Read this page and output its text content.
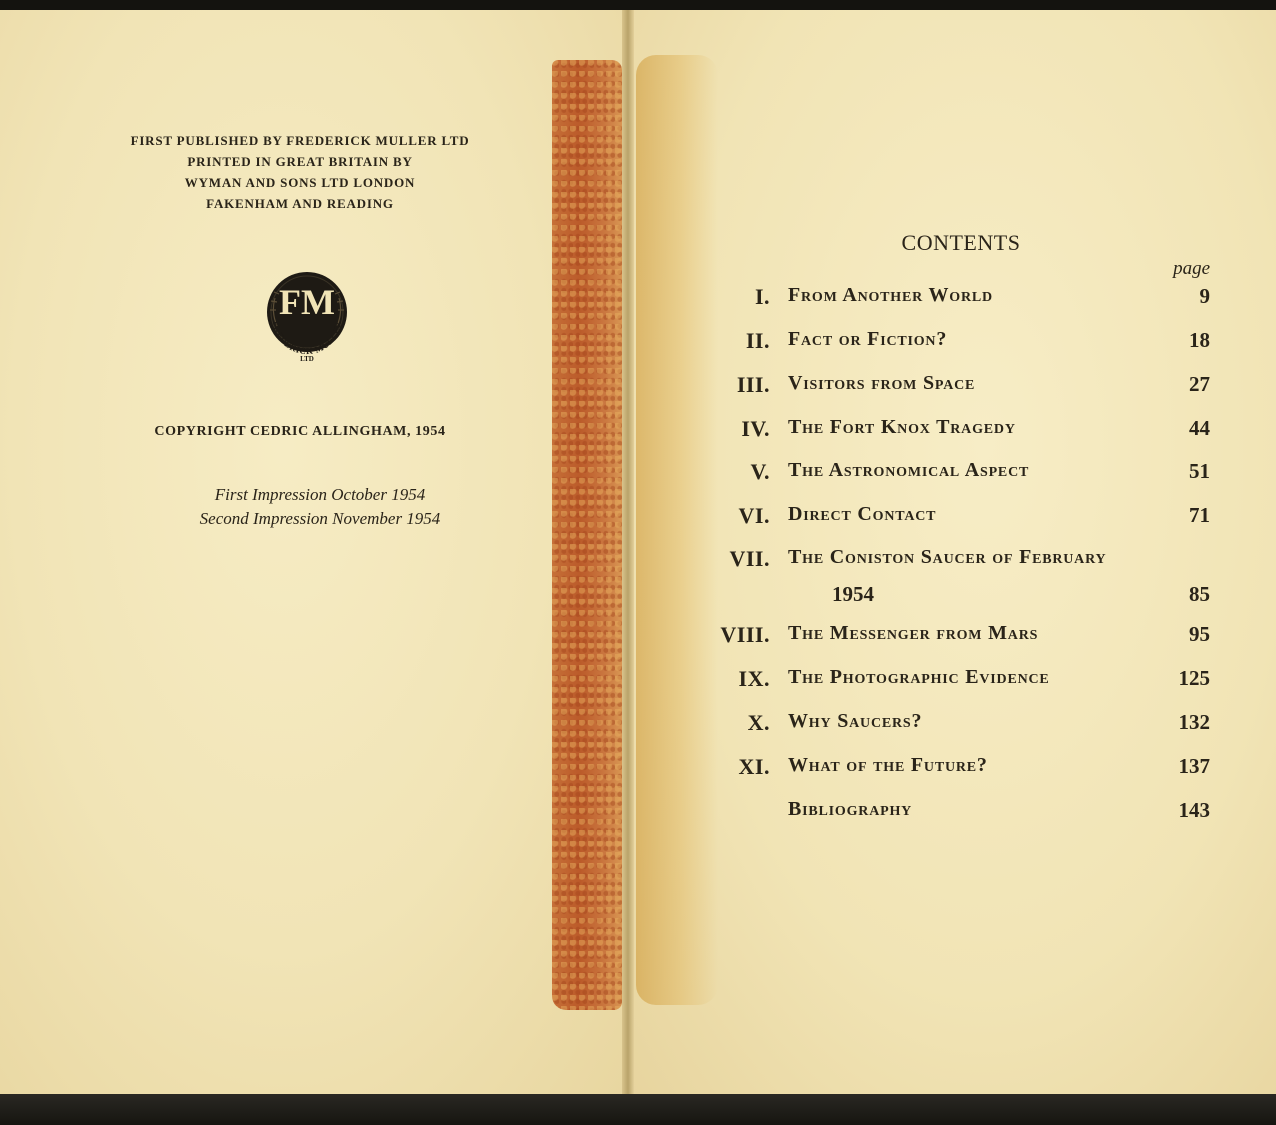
FIRST PUBLISHED BY FREDERICK MULLER LTD
PRINTED IN GREAT BRITAIN BY
WYMAN AND SONS LTD LONDON
FAKENHAM AND READING
FM
FREDERICK MULLER
LTD
COPYRIGHT CEDRIC ALLINGHAM, 1954
First Impression October 1954
Second Impression November 1954
CONTENTS
page
I. From Another World	9
II. Fact or Fiction?	18
III. Visitors from Space	27
IV. The Fort Knox Tragedy	44
V. The Astronomical Aspect	51
VI. Direct Contact	71
VII. The Coniston Saucer of February
1954	85
VIII. The Messenger from Mars	95
IX. The Photographic Evidence	125
X. Why Saucers?	132
XI. What of the Future?	137
Bibliography	143
